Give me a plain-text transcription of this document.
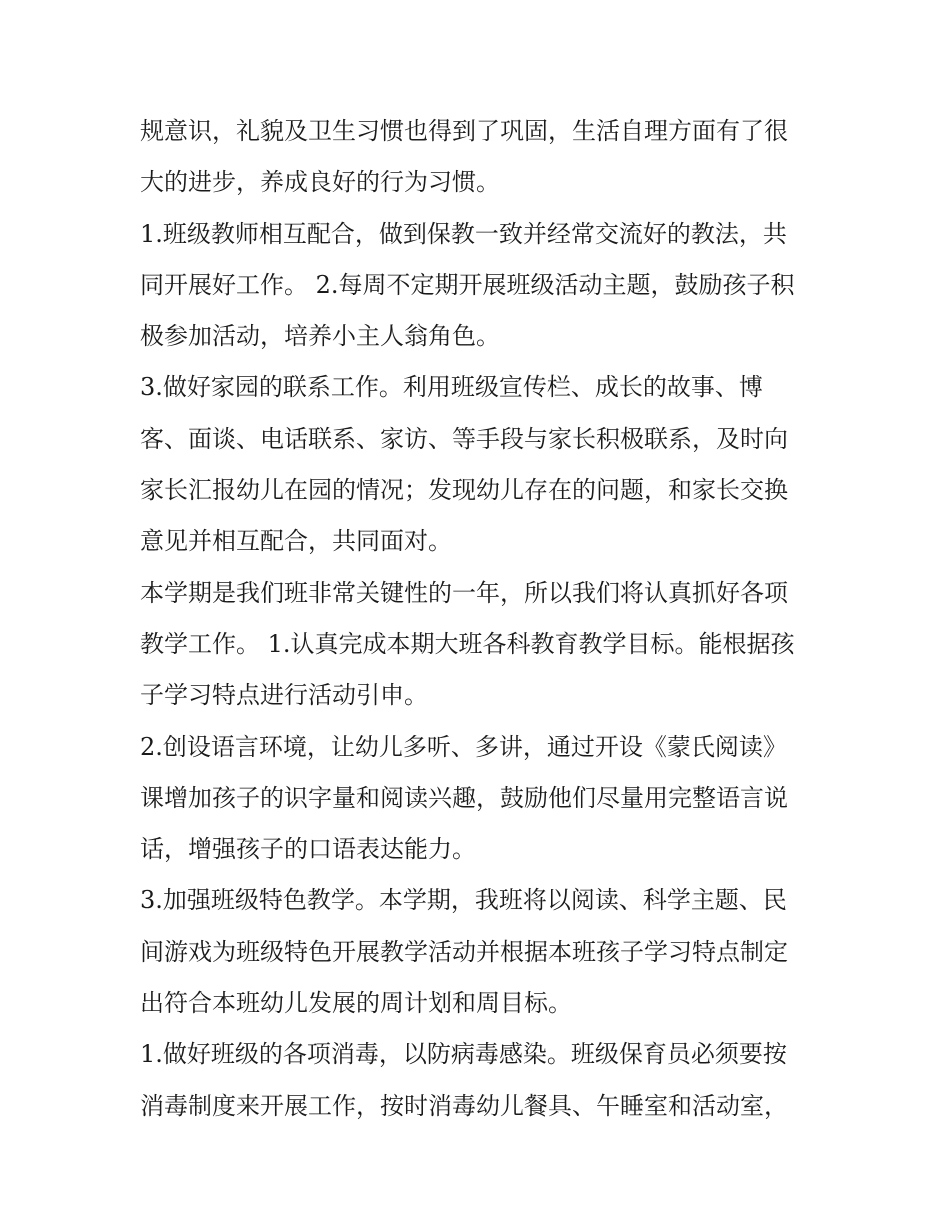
规意识，礼貌及卫生习惯也得到了巩固，生活自理方面有了很
大的进步，养成良好的行为习惯。
1.班级教师相互配合，做到保教一致并经常交流好的教法，共
同开展好工作。 2.每周不定期开展班级活动主题，鼓励孩子积
极参加活动，培养小主人翁角色。
3.做好家园的联系工作。利用班级宣传栏、成长的故事、博
客、面谈、电话联系、家访、等手段与家长积极联系，及时向
家长汇报幼儿在园的情况；发现幼儿存在的问题，和家长交换
意见并相互配合，共同面对。
本学期是我们班非常关键性的一年，所以我们将认真抓好各项
教学工作。 1.认真完成本期大班各科教育教学目标。能根据孩
子学习特点进行活动引申。
2.创设语言环境，让幼儿多听、多讲，通过开设《蒙氏阅读》
课增加孩子的识字量和阅读兴趣，鼓励他们尽量用完整语言说
话，增强孩子的口语表达能力。
3.加强班级特色教学。本学期，我班将以阅读、科学主题、民
间游戏为班级特色开展教学活动并根据本班孩子学习特点制定
出符合本班幼儿发展的周计划和周目标。
1.做好班级的各项消毒，以防病毒感染。班级保育员必须要按
消毒制度来开展工作，按时消毒幼儿餐具、午睡室和活动室，
